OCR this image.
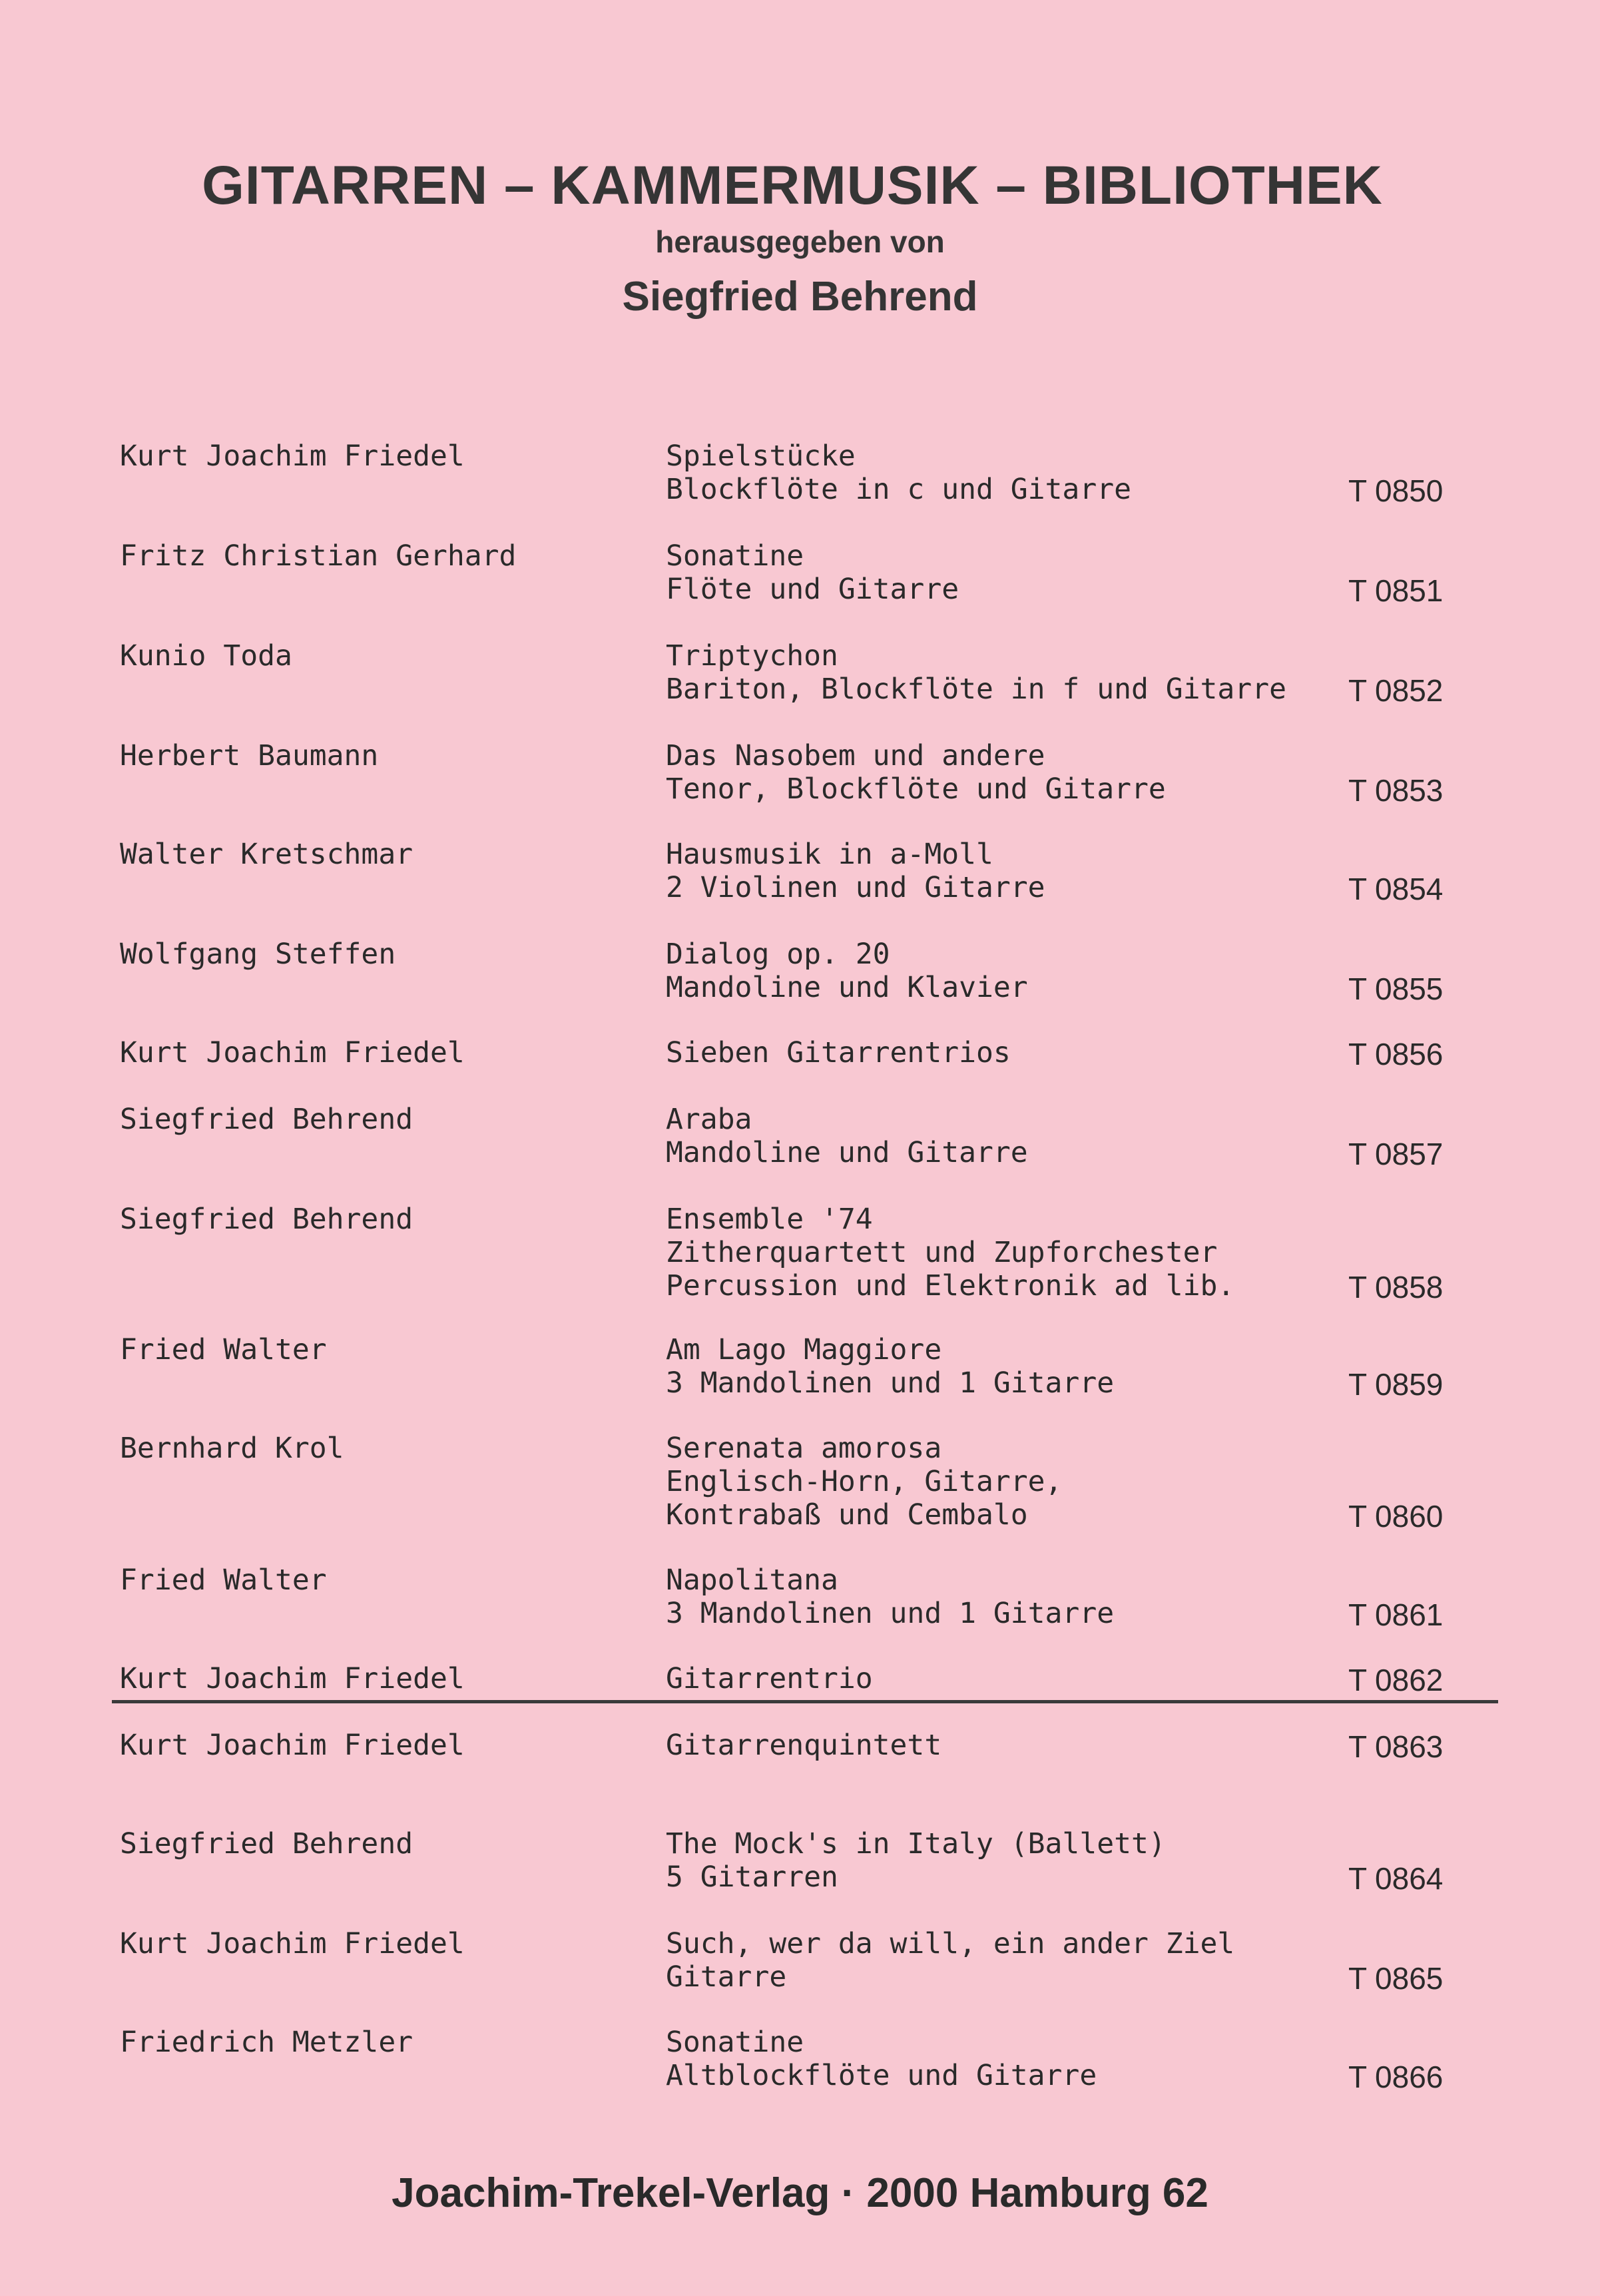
GITARREN – KAMMERMUSIK – BIBLIOTHEK
herausgegeben von
Siegfried Behrend
Kurt Joachim Friedel	Spielstücke
Blockflöte in c und Gitarre	T 0850
Fritz Christian Gerhard	Sonatine
Flöte und Gitarre	T 0851
Kunio Toda	Triptychon
Bariton, Blockflöte in f und Gitarre T 0852
Herbert Baumann	Das Nasobem und andere
Tenor, Blockflöte und Gitarre	T 0853
Walter Kretschmar	Hausmusik in a-Moll
2 Violinen und Gitarre	T 0854
Wolfgang Steffen	Dialog op. 20
Mandoline und Klavier	T 0855
Kurt Joachim Friedel	Sieben Gitarrentrios	T 0856
Siegfried Behrend	Araba
Mandoline und Gitarre	T 0857
Siegfried Behrend	Ensemble '74
Zitherquartett und Zupforchester
Percussion und Elektronik ad lib.	T 0858
Fried Walter	Am Lago Maggiore
3 Mandolinen und 1 Gitarre	T 0859
Bernhard Krol	Serenata amorosa
Englisch-Horn, Gitarre,
Kontrabaß und Cembalo	T 0860
Fried Walter	Napolitana
3 Mandolinen und 1 Gitarre	T 0861
Kurt Joachim Friedel	Gitarrentrio	T 0862
Kurt Joachim Friedel	Gitarrenquintett	T 0863
Siegfried Behrend	The Mock's in Italy (Ballett)
5 Gitarren	T 0864
Kurt Joachim Friedel	Such, wer da will, ein ander Ziel
Gitarre	T 0865
Friedrich Metzler	Sonatine
Altblockflöte und Gitarre	T 0866
Joachim-Trekel-Verlag · 2000 Hamburg 62
